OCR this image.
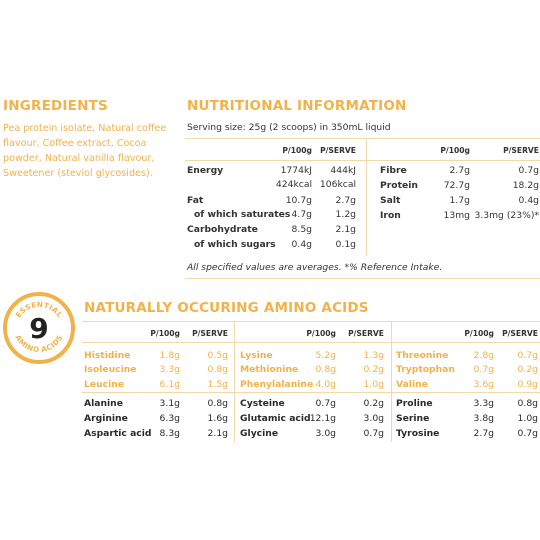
INGREDIENTS
Pea protein isolate, Natural coffee
flavour, Coffee extract, Cocoa
powder, Natural vanilla flavour,
Sweetener (steviol glycosides).
NUTRITIONAL INFORMATION
Serving size: 25g (2 scoops) in 350mL liquid
P/100g P/SERVE	P/100g	P/SERVE
Energy	1774kJ	444kJ
424kcal 106kcal
Fat	10.7g	2.7g
of which saturates 4.7g	1.2g
Carbohydrate	8.5g	2.1g
of which sugars	0.4g	0.1g
Fibre	2.7g	0.7g
Protein	72.7g	18.2g
Salt	1.7g	0.4g
Iron	13mg 3.3mg (23%)*
All specified values are averages. *% Reference Intake.
9
ESSENTIAL
AMINO ACIDS
NATURALLY OCCURING AMINO ACIDS
P/100g P/SERVE
Histidine	1.8g	0.5g
Isoleucine	3.3g	0.8g
Leucine	6.1g	1.5g
Alanine	3.1g	0.8g
Arginine	6.3g	1.6g
Aspartic acid 8.3g	2.1g
P/100g P/SERVE
Lysine	5.2g	1.3g
Methionine	0.8g	0.2g
Phenylalanine 4.0g	1.0g
Cysteine	0.7g	0.2g
Glutamic acid 12.1g	3.0g
Glycine	3.0g	0.7g
P/100g P/SERVE
Threonine	2.8g	0.7g
Tryptophan	0.7g	0.2g
Valine	3.6g	0.9g
Proline	3.3g	0.8g
Serine	3.8g	1.0g
Tyrosine	2.7g	0.7g
